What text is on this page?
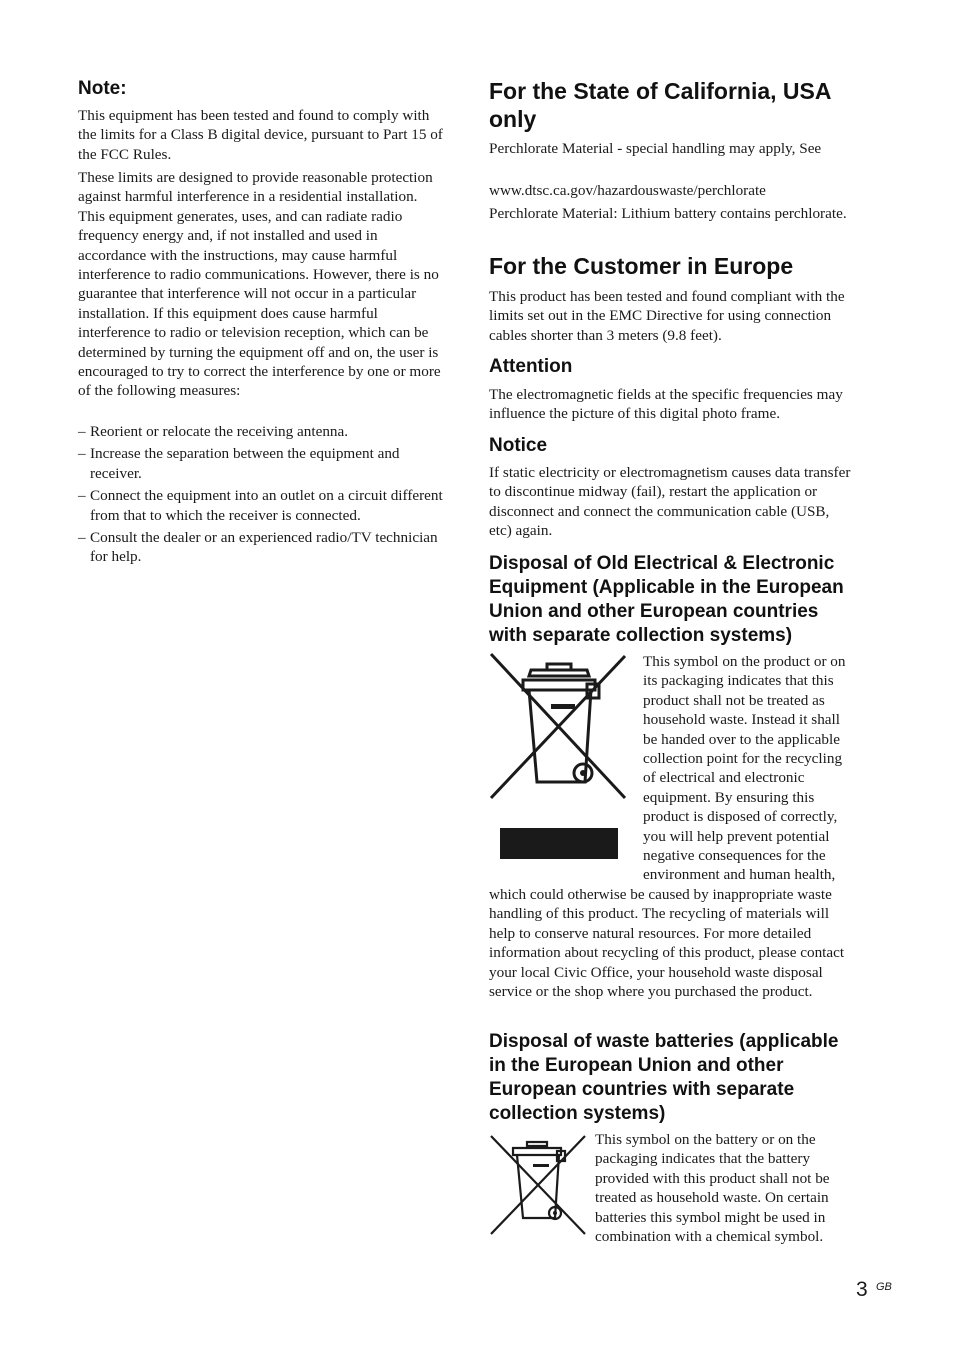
Note:

This equipment has been tested and found to comply with the limits for a Class B digital device, pursuant to Part 15 of the FCC Rules.

These limits are designed to provide reasonable protection against harmful interference in a residential installation. This equipment generates, uses, and can radiate radio frequency energy and, if not installed and used in accordance with the instructions, may cause harmful interference to radio communications. However, there is no guarantee that interference will not occur in a particular installation. If this equipment does cause harmful interference to radio or television reception, which can be determined by turning the equipment off and on, the user is encouraged to try to correct the interference by one or more of the following measures:

– Reorient or relocate the receiving antenna.
– Increase the separation between the equipment and receiver.
– Connect the equipment into an outlet on a circuit different from that to which the receiver is connected.
– Consult the dealer or an experienced radio/TV technician for help.
For the State of California, USA only

Perchlorate Material - special handling may apply, See

www.dtsc.ca.gov/hazardouswaste/perchlorate

Perchlorate Material: Lithium battery contains perchlorate.

For the Customer in Europe

This product has been tested and found compliant with the limits set out in the EMC Directive for using connection cables shorter than 3 meters (9.8 feet).

Attention

The electromagnetic fields at the specific frequencies may influence the picture of this digital photo frame.

Notice

If static electricity or electromagnetism causes data transfer to discontinue midway (fail), restart the application or disconnect and connect the communication cable (USB, etc) again.

Disposal of Old Electrical & Electronic Equipment (Applicable in the European Union and other European countries with separate collection systems)

This symbol on the product or on its packaging indicates that this product shall not be treated as household waste. Instead it shall be handed over to the applicable collection point for the recycling of electrical and electronic equipment. By ensuring this product is disposed of correctly, you will help prevent potential negative consequences for the environment and human health, which could otherwise be caused by inappropriate waste handling of this product. The recycling of materials will help to conserve natural resources. For more detailed information about recycling of this product, please contact your local Civic Office, your household waste disposal service or the shop where you purchased the product.

Disposal of waste batteries (applicable in the European Union and other European countries with separate collection systems)

This symbol on the battery or on the packaging indicates that the battery provided with this product shall not be treated as household waste. On certain batteries this symbol might be used in combination with a chemical symbol.

3 GB
